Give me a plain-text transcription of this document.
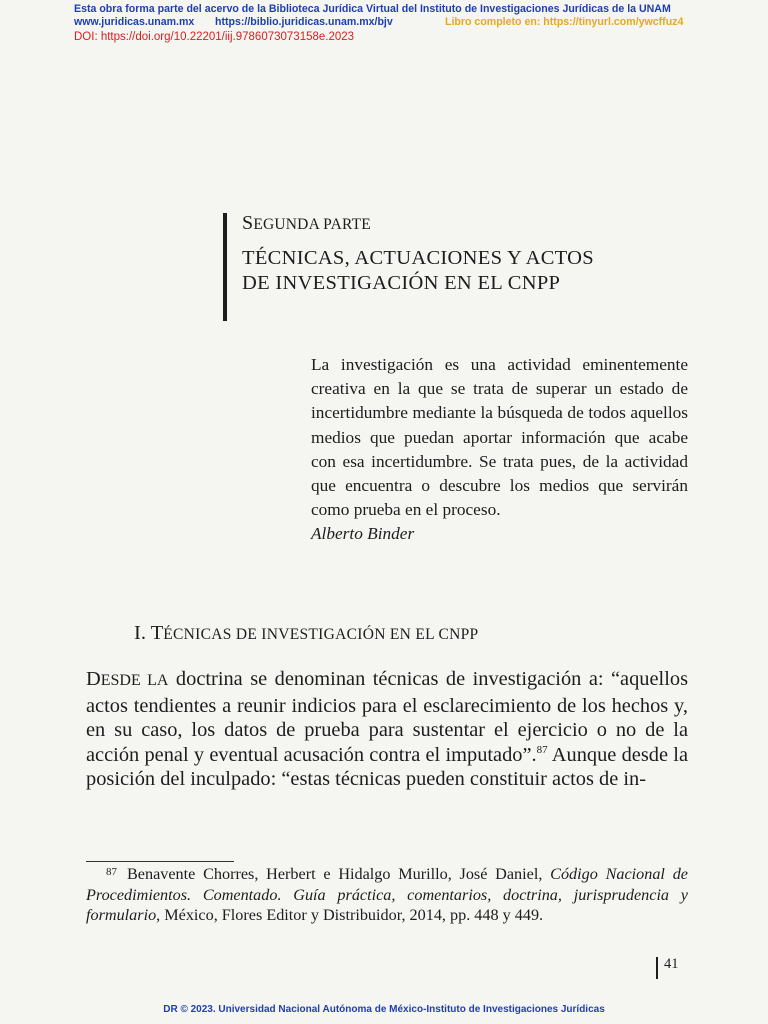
Esta obra forma parte del acervo de la Biblioteca Jurídica Virtual del Instituto de Investigaciones Jurídicas de la UNAM
www.juridicas.unam.mx https://biblio.juridicas.unam.mx/bjv	Libro completo en: https://tinyurl.com/ywcffuz4
DOI: https://doi.org/10.22201/iij.9786073073158e.2023
SEGUNDA PARTE
TÉCNICAS, ACTUACIONES Y ACTOS
DE INVESTIGACIÓN EN EL CNPP

La investigación es una actividad eminentemente creativa en la que se trata de superar un estado de incertidumbre mediante la búsqueda de todos aquellos medios que puedan aportar información que acabe con esa incertidumbre. Se trata pues, de la actividad que encuentra o descubre los medios que servirán como prueba en el proceso.

Alberto Binder

I. TÉCNICAS DE INVESTIGACIÓN EN EL CNPP

DESDE LA doctrina se denominan técnicas de investigación a: “aquellos actos tendientes a reunir indicios para el esclarecimiento de los hechos y, en su caso, los datos de prueba para sustentar el ejercicio o no de la acción penal y eventual acusación contra el imputado”.$^{87}$ Aunque desde la posición del inculpado: “estas técnicas pueden constituir actos de in-

$^{87}$ Benavente Chorres, Herbert e Hidalgo Murillo, José Daniel, Código Nacional de Procedimientos. Comentado. Guía práctica, comentarios, doctrina, jurisprudencia y formulario, México, Flores Editor y Distribuidor, 2014, pp. 448 y 449.

41
DR © 2023. Universidad Nacional Autónoma de México-Instituto de Investigaciones Jurídicas
